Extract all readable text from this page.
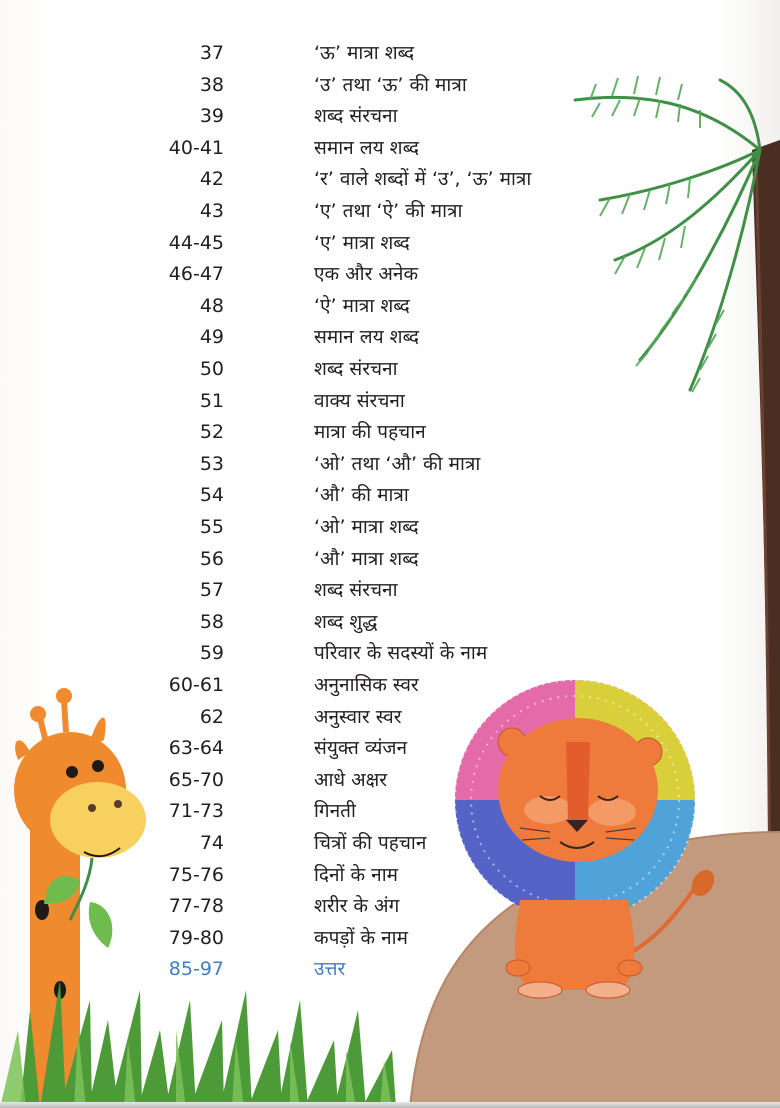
37	‘ऊ’ मात्रा शब्द
38	‘उ’ तथा ‘ऊ’ की मात्रा
39	शब्द संरचना
40-41	समान लय शब्द
42	‘र’ वाले शब्दों में ‘उ’, ‘ऊ’ मात्रा
43	‘ए’ तथा ‘ऐ’ की मात्रा
44-45	‘ए’ मात्रा शब्द
46-47	एक और अनेक
48	‘ऐ’ मात्रा शब्द
49	समान लय शब्द
50	शब्द संरचना
51	वाक्य संरचना
52	मात्रा की पहचान
53	‘ओ’ तथा ‘औ’ की मात्रा
54	‘औ’ की मात्रा
55	‘ओ’ मात्रा शब्द
56	‘औ’ मात्रा शब्द
57	शब्द संरचना
58	शब्द शुद्ध
59	परिवार के सदस्यों के नाम
60-61	अनुनासिक स्वर
62	अनुस्वार स्वर
63-64	संयुक्त व्यंजन
65-70	आधे अक्षर
71-73	गिनती
74	चित्रों की पहचान
75-76	दिनों के नाम
77-78	शरीर के अंग
79-80	कपड़ों के नाम
85-97	उत्तर
